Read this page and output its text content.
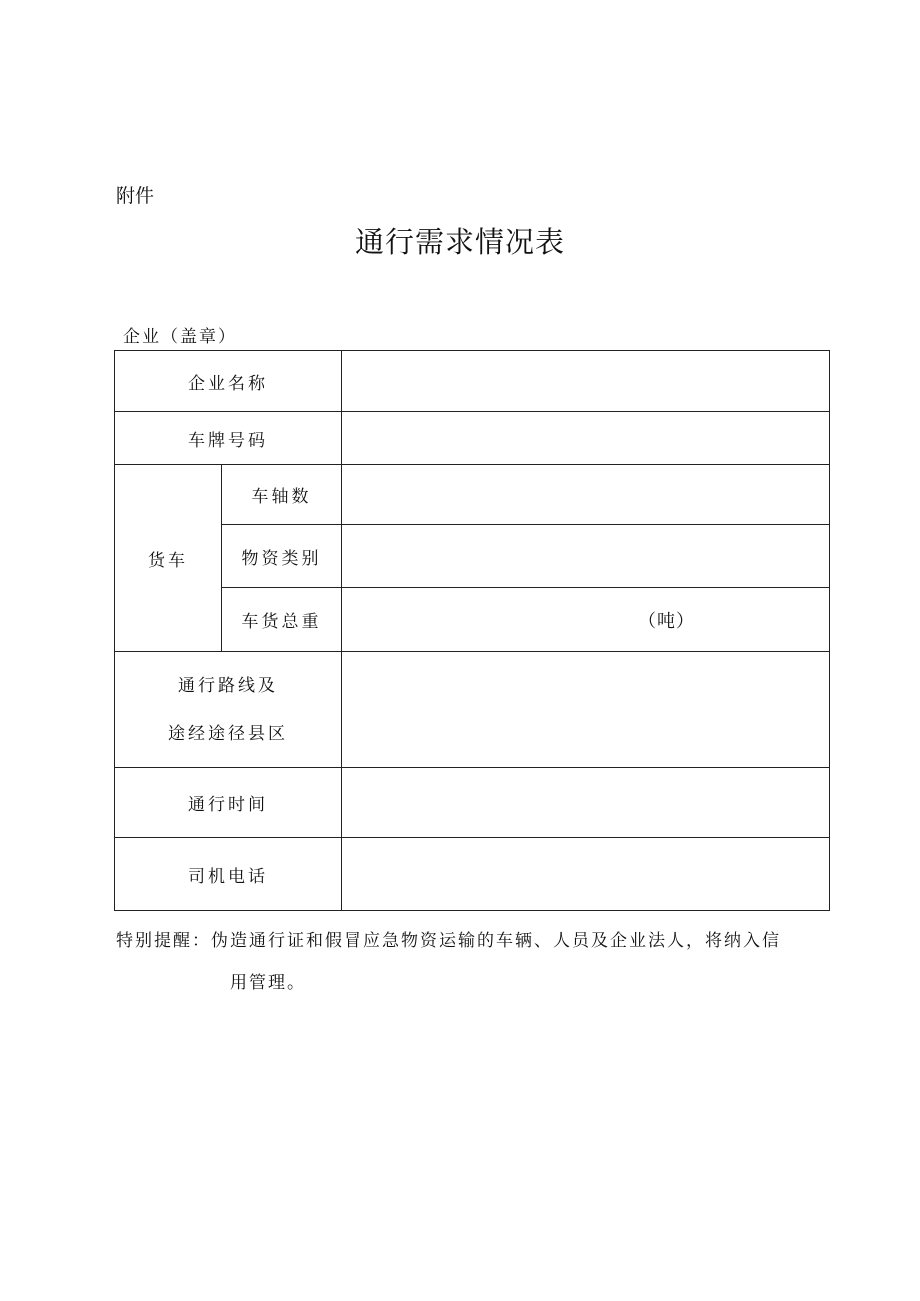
附件
通行需求情况表
企业（盖章）
企业名称		
车牌号码		
货车	车轴数	
	物资类别	
	车货总重	（吨）

通行路线及
途经途径县区		

通行时间		
司机电话		
特别提醒：伪造通行证和假冒应急物资运输的车辆、人员及企业法人，将纳入信
用管理。
